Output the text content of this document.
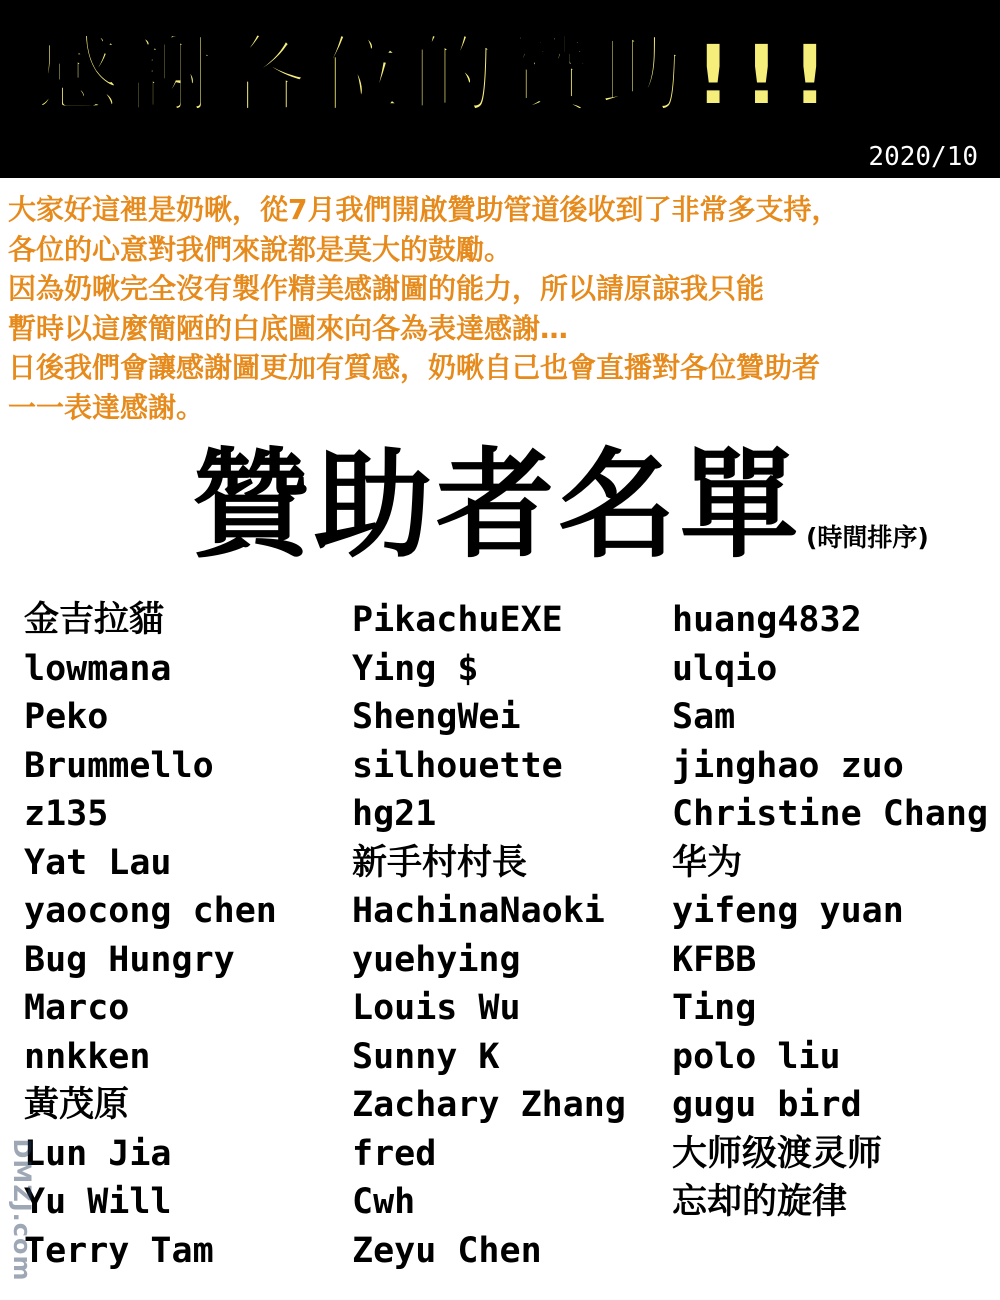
感謝各位的贊助!!!
2020/10
大家好這裡是奶啾，從7月我們開啟贊助管道後收到了非常多支持，
各位的心意對我們來說都是莫大的鼓勵。
因為奶啾完全沒有製作精美感謝圖的能力，所以請原諒我只能
暫時以這麼簡陋的白底圖來向各為表達感謝…
日後我們會讓感謝圖更加有質感，奶啾自己也會直播對各位贊助者
一一表達感謝。
贊助者名單 (時間排序)
金吉拉貓
lowmana
Peko
Brummello
z135
Yat Lau
yaocong chen
Bug Hungry
Marco
nnkken
黃茂原
Lun Jia
Yu Will
Terry Tam
PikachuEXE
Ying $
ShengWei
silhouette
hg21
新手村村長
HachinaNaoki
yuehying
Louis Wu
Sunny K
Zachary Zhang
fred
Cwh
Zeyu Chen
huang4832
ulqio
Sam
jinghao zuo
Christine Chang
华为
yifeng yuan
KFBB
Ting
polo liu
gugu bird
大师级渡灵师
忘却的旋律
DMZJ.com
